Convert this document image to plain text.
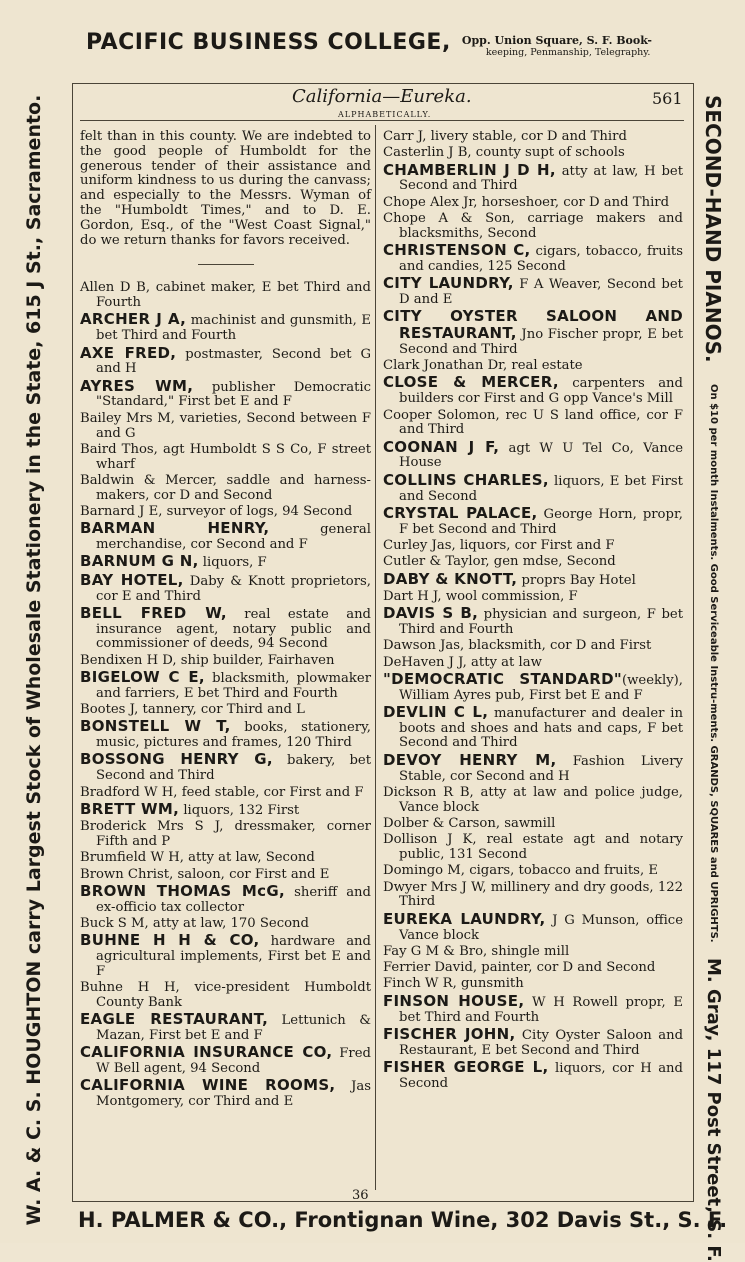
PACIFIC BUSINESS COLLEGE, Opp. Union Square, S. F. Book-
keeping, Penmanship, Telegraphy.
W. A. & C. S. HOUGHTON carry Largest Stock of Wholesale Stationery in the State, 615 J St., Sacramento.	SECOND-HAND PIANOS. On $10 per month Instalments. Good Serviceable Instru-ments. GRANDS, SQUARES and UPRIGHTS. M. Gray, 117 Post Street, S. F.
California—Eureka.	561
ALPHABETICALLY.

felt than in this county. We are indebted to the good people of Humboldt for the generous tender of their assistance and uniform kindness to us during the canvass; and especially to the Messrs. Wyman of the "Humboldt Times," and to D. E. Gordon, Esq., of the "West Coast Signal," do we return thanks for favors received.

Allen D B, cabinet maker, E bet Third and Fourth

ARCHER J A, machinist and gunsmith, E bet Third and Fourth

AXE FRED, postmaster, Second bet G and H

AYRES WM, publisher Democratic "Standard," First bet E and F

Bailey Mrs M, varieties, Second between F and G

Baird Thos, agt Humboldt S S Co, F street wharf

Baldwin & Mercer, saddle and harness-makers, cor D and Second

Barnard J E, surveyor of logs, 94 Second

BARMAN HENRY, general merchandise, cor Second and F

BARNUM G N, liquors, F

BAY HOTEL, Daby & Knott proprietors, cor E and Third

BELL FRED W, real estate and insurance agent, notary public and commissioner of deeds, 94 Second

Bendixen H D, ship builder, Fairhaven

BIGELOW C E, blacksmith, plowmaker and farriers, E bet Third and Fourth

Bootes J, tannery, cor Third and L

BONSTELL W T, books, stationery, music, pictures and frames, 120 Third

BOSSONG HENRY G, bakery, bet Second and Third

Bradford W H, feed stable, cor First and F

BRETT WM, liquors, 132 First

Broderick Mrs S J, dressmaker, corner Fifth and P

Brumfield W H, atty at law, Second

Brown Christ, saloon, cor First and E

BROWN THOMAS McG, sheriff and ex-officio tax collector

Buck S M, atty at law, 170 Second

BUHNE H H & CO, hardware and agricultural implements, First bet E and F

Buhne H H, vice-president Humboldt County Bank

EAGLE RESTAURANT, Lettunich & Mazan, First bet E and F

CALIFORNIA INSURANCE CO, Fred W Bell agent, 94 Second

CALIFORNIA WINE ROOMS, Jas Montgomery, cor Third and E

Carr J, livery stable, cor D and Third

Casterlin J B, county supt of schools

CHAMBERLIN J D H, atty at law, H bet Second and Third

Chope Alex Jr, horseshoer, cor D and Third

Chope A & Son, carriage makers and blacksmiths, Second

CHRISTENSON C, cigars, tobacco, fruits and candies, 125 Second

CITY LAUNDRY, F A Weaver, Second bet D and E

CITY OYSTER SALOON AND RESTAURANT, Jno Fischer propr, E bet Second and Third

Clark Jonathan Dr, real estate

CLOSE & MERCER, carpenters and builders cor First and G opp Vance's Mill

Cooper Solomon, rec U S land office, cor F and Third

COONAN J F, agt W U Tel Co, Vance House

COLLINS CHARLES, liquors, E bet First and Second

CRYSTAL PALACE, George Horn, propr, F bet Second and Third

Curley Jas, liquors, cor First and F

Cutler & Taylor, gen mdse, Second

DABY & KNOTT, proprs Bay Hotel

Dart H J, wool commission, F

DAVIS S B, physician and surgeon, F bet Third and Fourth

Dawson Jas, blacksmith, cor D and First

DeHaven J J, atty at law

"DEMOCRATIC STANDARD"(weekly), William Ayres pub, First bet E and F

DEVLIN C L, manufacturer and dealer in boots and shoes and hats and caps, F bet Second and Third

DEVOY HENRY M, Fashion Livery Stable, cor Second and H

Dickson R B, atty at law and police judge, Vance block

Dolber & Carson, sawmill

Dollison J K, real estate agt and notary public, 131 Second

Domingo M, cigars, tobacco and fruits, E

Dwyer Mrs J W, millinery and dry goods, 122 Third

EUREKA LAUNDRY, J G Munson, office Vance block

Fay G M & Bro, shingle mill

Ferrier David, painter, cor D and Second

Finch W R, gunsmith

FINSON HOUSE, W H Rowell propr, E bet Third and Fourth

FISCHER JOHN, City Oyster Saloon and Restaurant, E bet Second and Third

FISHER GEORGE L, liquors, cor H and Second

36
H. PALMER & CO., Frontignan Wine, 302 Davis St., S. F.
